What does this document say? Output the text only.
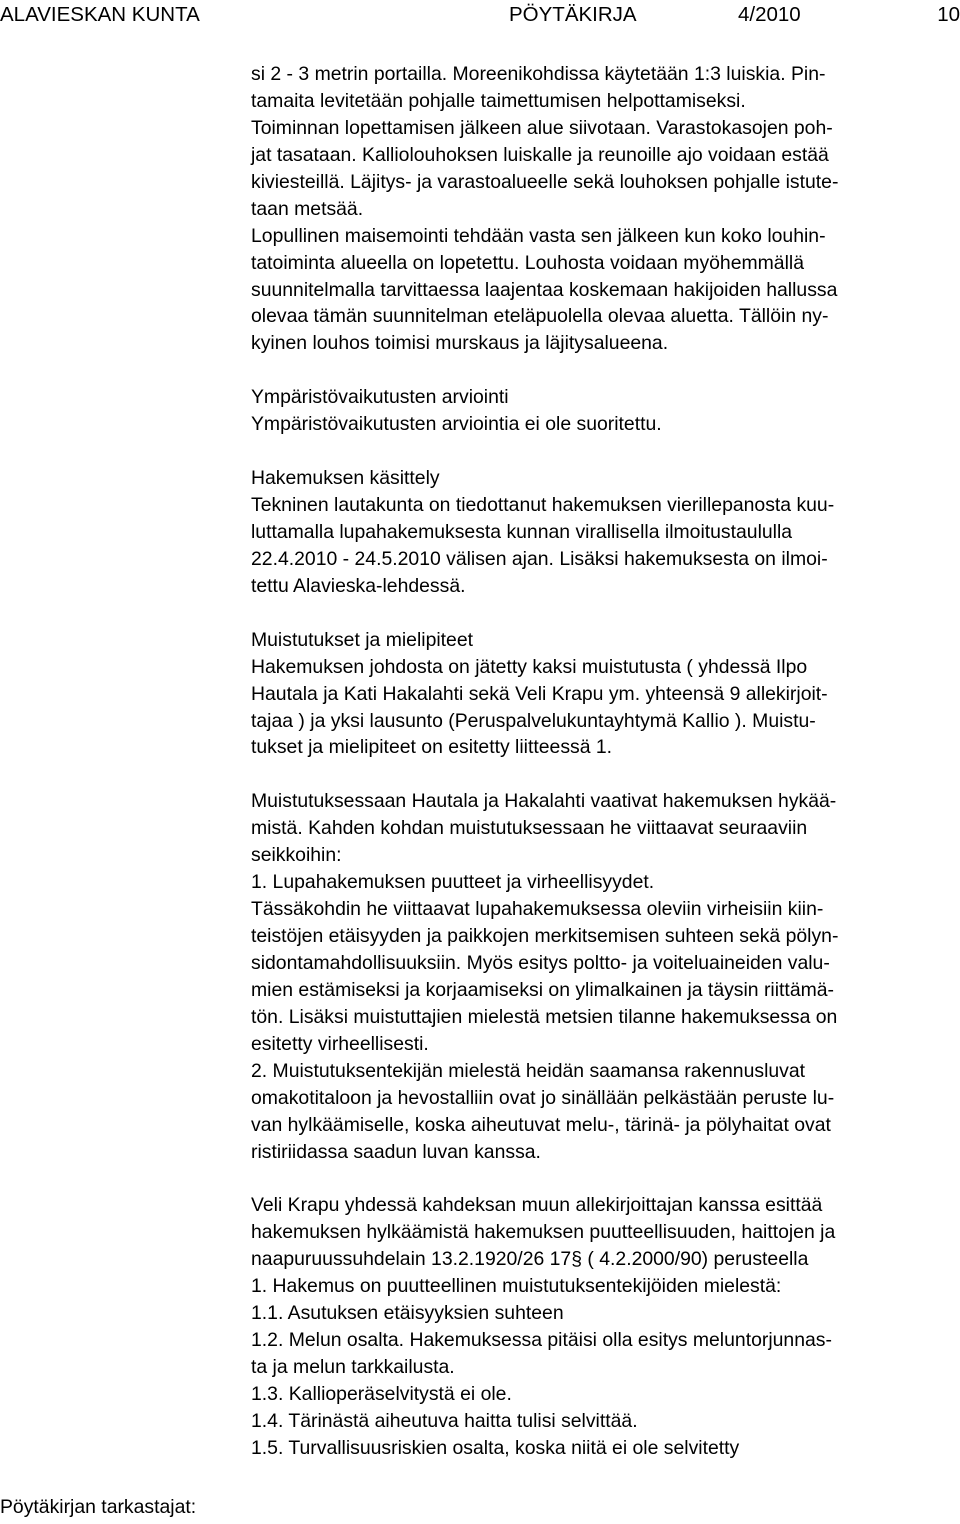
ALAVIESKAN KUNTA	PÖYTÄKIRJA	4/2010	10
si 2 - 3 metrin portailla. Moreenikohdissa käytetään 1:3 luiskia. Pin-
tamaita levitetään pohjalle taimettumisen helpottamiseksi.
Toiminnan lopettamisen jälkeen alue siivotaan. Varastokasojen poh-
jat tasataan. Kalliolouhoksen luiskalle ja reunoille ajo voidaan estää
kiviesteillä. Läjitys- ja varastoalueelle sekä louhoksen pohjalle istute-
taan metsää.
Lopullinen maisemointi tehdään vasta sen jälkeen kun koko louhin-
tatoiminta alueella on lopetettu. Louhosta voidaan myöhemmällä
suunnitelmalla tarvittaessa laajentaa koskemaan hakijoiden hallussa
olevaa tämän suunnitelman eteläpuolella olevaa aluetta. Tällöin ny-
kyinen louhos toimisi murskaus ja läjitysalueena.
Ympäristövaikutusten arviointi
Ympäristövaikutusten arviointia ei ole suoritettu.
Hakemuksen käsittely
Tekninen lautakunta on tiedottanut hakemuksen vierillepanosta kuu-
luttamalla lupahakemuksesta kunnan virallisella ilmoitustaululla
22.4.2010 - 24.5.2010 välisen ajan. Lisäksi hakemuksesta on ilmoi-
tettu Alavieska-lehdessä.
Muistutukset ja mielipiteet
Hakemuksen johdosta on jätetty kaksi muistutusta ( yhdessä Ilpo
Hautala ja Kati Hakalahti sekä Veli Krapu ym. yhteensä 9 allekirjoit-
tajaa ) ja yksi lausunto (Peruspalvelukuntayhtymä Kallio ). Muistu-
tukset ja mielipiteet on esitetty liitteessä 1.
Muistutuksessaan Hautala ja Hakalahti vaativat hakemuksen hykää-
mistä. Kahden kohdan muistutuksessaan he viittaavat seuraaviin
seikkoihin:
1. Lupahakemuksen puutteet ja virheellisyydet.
Tässäkohdin he viittaavat lupahakemuksessa oleviin virheisiin kiin-
teistöjen etäisyyden ja paikkojen merkitsemisen suhteen sekä pölyn-
sidontamahdollisuuksiin. Myös esitys poltto- ja voiteluaineiden valu-
mien estämiseksi ja korjaamiseksi on ylimalkainen ja täysin riittämä-
tön. Lisäksi muistuttajien mielestä metsien tilanne hakemuksessa on
esitetty virheellisesti.
2. Muistutuksentekijän mielestä heidän saamansa rakennusluvat
omakotitaloon ja hevostalliin ovat jo sinällään pelkästään peruste lu-
van hylkäämiselle, koska aiheutuvat melu-, tärinä- ja pölyhaitat ovat
ristiriidassa saadun luvan kanssa.
Veli Krapu yhdessä kahdeksan muun allekirjoittajan kanssa esittää
hakemuksen hylkäämistä hakemuksen puutteellisuuden, haittojen ja
naapuruussuhdelain 13.2.1920/26 17§ ( 4.2.2000/90) perusteella
1. Hakemus on puutteellinen muistutuksentekijöiden mielestä:
1.1. Asutuksen etäisyyksien suhteen
1.2. Melun osalta. Hakemuksessa pitäisi olla esitys meluntorjunnas-
ta ja melun tarkkailusta.
1.3. Kallioperäselvitystä ei ole.
1.4. Tärinästä aiheutuva haitta tulisi selvittää.
1.5. Turvallisuusriskien osalta, koska niitä ei ole selvitetty
Pöytäkirjan tarkastajat:
